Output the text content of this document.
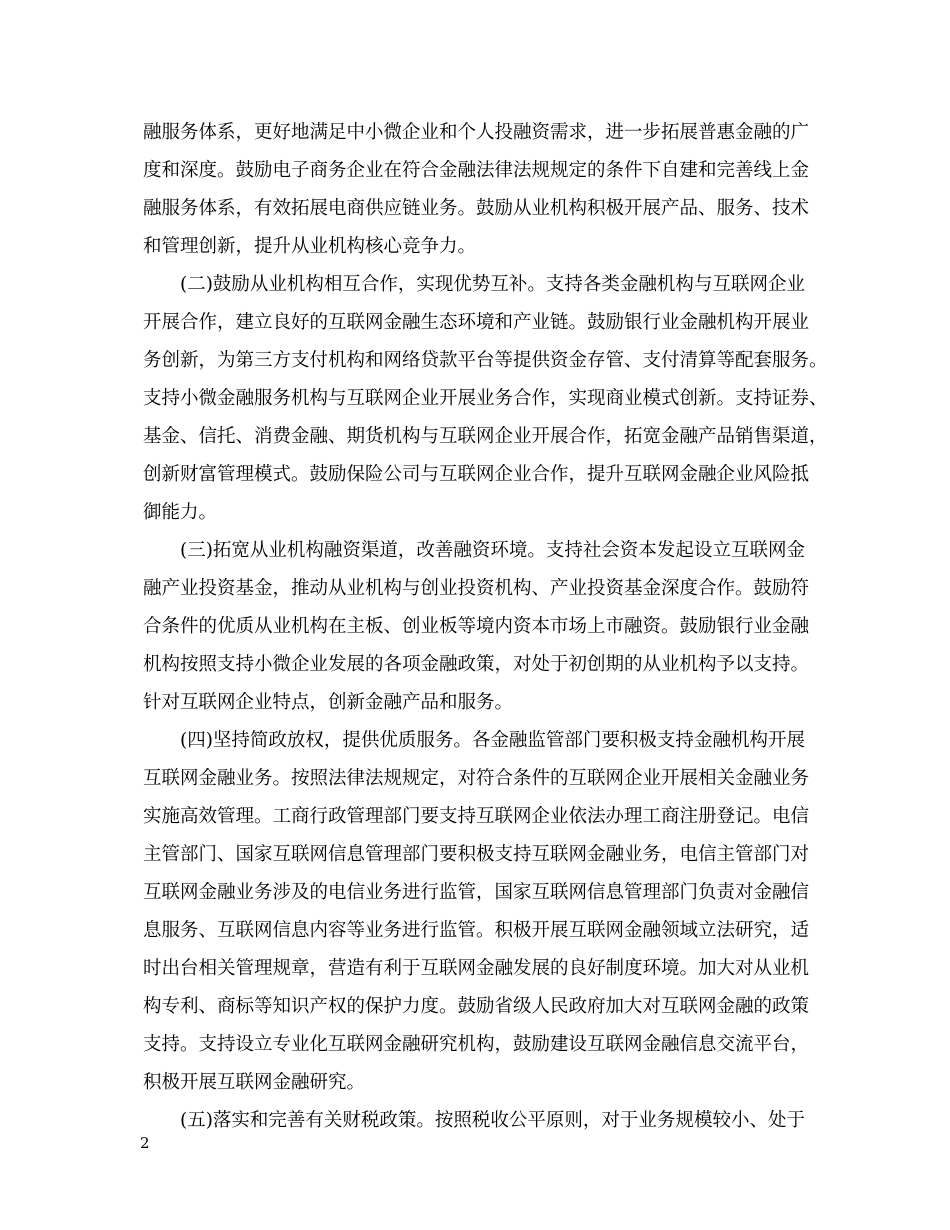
融服务体系，更好地满足中小微企业和个人投融资需求，进一步拓展普惠金融的广
度和深度。鼓励电子商务企业在符合金融法律法规规定的条件下自建和完善线上金
融服务体系，有效拓展电商供应链业务。鼓励从业机构积极开展产品、服务、技术
和管理创新，提升从业机构核心竞争力。
(二)鼓励从业机构相互合作，实现优势互补。支持各类金融机构与互联网企业
开展合作，建立良好的互联网金融生态环境和产业链。鼓励银行业金融机构开展业
务创新，为第三方支付机构和网络贷款平台等提供资金存管、支付清算等配套服务。
支持小微金融服务机构与互联网企业开展业务合作，实现商业模式创新。支持证券、
基金、信托、消费金融、期货机构与互联网企业开展合作，拓宽金融产品销售渠道，
创新财富管理模式。鼓励保险公司与互联网企业合作，提升互联网金融企业风险抵
御能力。
(三)拓宽从业机构融资渠道，改善融资环境。支持社会资本发起设立互联网金
融产业投资基金，推动从业机构与创业投资机构、产业投资基金深度合作。鼓励符
合条件的优质从业机构在主板、创业板等境内资本市场上市融资。鼓励银行业金融
机构按照支持小微企业发展的各项金融政策，对处于初创期的从业机构予以支持。
针对互联网企业特点，创新金融产品和服务。
(四)坚持简政放权，提供优质服务。各金融监管部门要积极支持金融机构开展
互联网金融业务。按照法律法规规定，对符合条件的互联网企业开展相关金融业务
实施高效管理。工商行政管理部门要支持互联网企业依法办理工商注册登记。电信
主管部门、国家互联网信息管理部门要积极支持互联网金融业务，电信主管部门对
互联网金融业务涉及的电信业务进行监管，国家互联网信息管理部门负责对金融信
息服务、互联网信息内容等业务进行监管。积极开展互联网金融领域立法研究，适
时出台相关管理规章，营造有利于互联网金融发展的良好制度环境。加大对从业机
构专利、商标等知识产权的保护力度。鼓励省级人民政府加大对互联网金融的政策
支持。支持设立专业化互联网金融研究机构，鼓励建设互联网金融信息交流平台，
积极开展互联网金融研究。
(五)落实和完善有关财税政策。按照税收公平原则，对于业务规模较小、处于
2
